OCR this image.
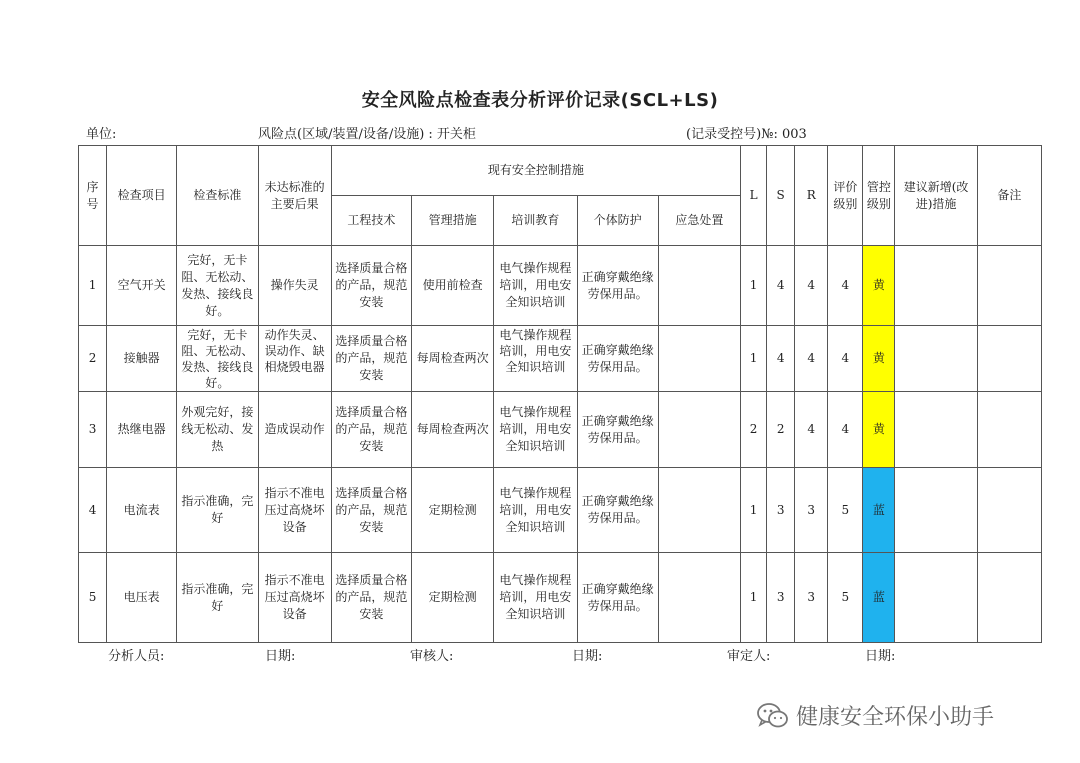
安全风险点检查表分析评价记录(SCL+LS)
单位:	风险点(区域/装置/设备/设施) : 开关柜	(记录受控号)№: 003
序号	检查项目	检查标准	未达标准的主要后果	现有安全控制措施					L	S	R	评价级别	管控级别	建议新增(改进)措施	备注
				工程技术	管理措施	培训教育	个体防护	应急处置							
1	空气开关	完好，无卡阻、无松动、发热、接线良好。	操作失灵	选择质量合格的产品，规范安装	使用前检查	电气操作规程培训，用电安全知识培训	正确穿戴绝缘劳保用品。		1	4	4	4	黄		
2	接触器	完好，无卡阻、无松动、发热、接线良好。	动作失灵、误动作、缺相烧毁电器	选择质量合格的产品，规范安装	每周检查两次	电气操作规程培训，用电安全知识培训	正确穿戴绝缘劳保用品。		1	4	4	4	黄		
3	热继电器	外观完好，接线无松动、发热	造成误动作	选择质量合格的产品，规范安装	每周检查两次	电气操作规程培训，用电安全知识培训	正确穿戴绝缘劳保用品。		2	2	4	4	黄		
4	电流表	指示准确，完好	指示不准电压过高烧坏设备	选择质量合格的产品，规范安装	定期检测	电气操作规程培训，用电安全知识培训	正确穿戴绝缘劳保用品。		1	3	3	5	蓝		
5	电压表	指示准确，完好	指示不准电压过高烧坏设备	选择质量合格的产品，规范安装	定期检测	电气操作规程培训，用电安全知识培训	正确穿戴绝缘劳保用品。		1	3	3	5	蓝		
分析人员:	日期:	审核人:	日期:	审定人:	日期:
健康安全环保小助手
